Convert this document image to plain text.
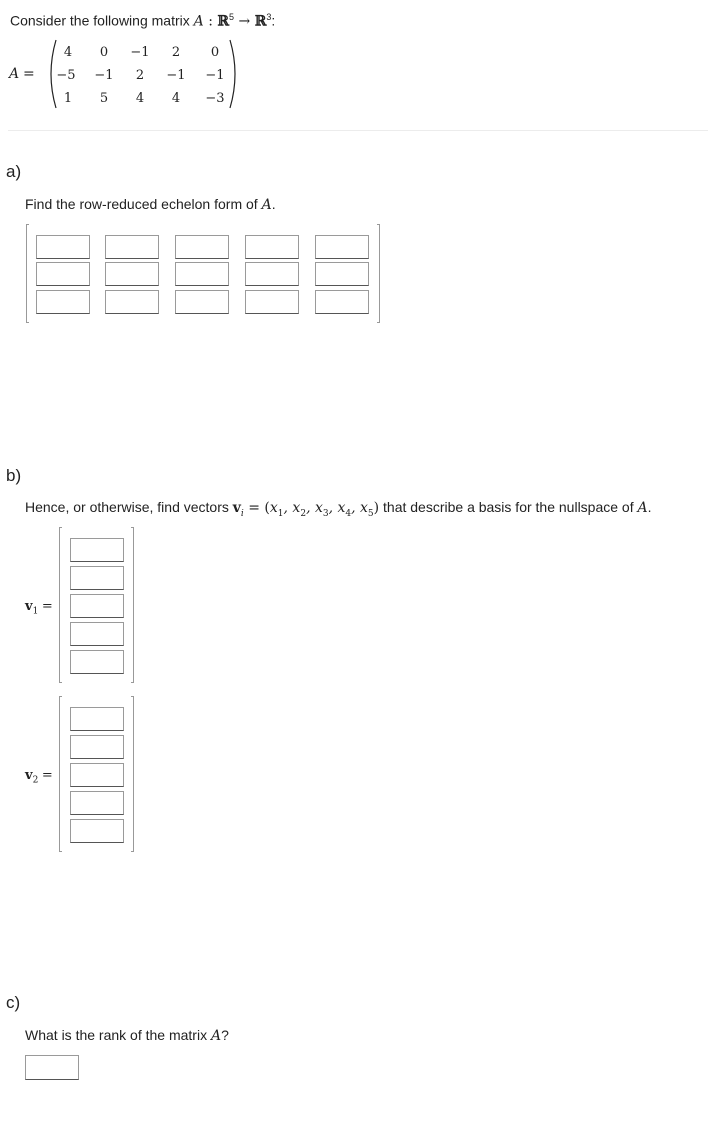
Consider the following matrix A : ℝ$^5$ → ℝ$^3$:
A =
4	0	−1	2	0
−5	−1	2	−1	−1
1	5	4	4	−3
a)
Find the row-reduced echelon form of A.
b)
Hence, or otherwise, find vectors $v_i = (x_1$, $x_2$, $x_3$, $x_4$, $x_5$) that describe a basis for the nullspace of A.
$v_1$ =
$v_2$ =
c)
What is the rank of the matrix A?
